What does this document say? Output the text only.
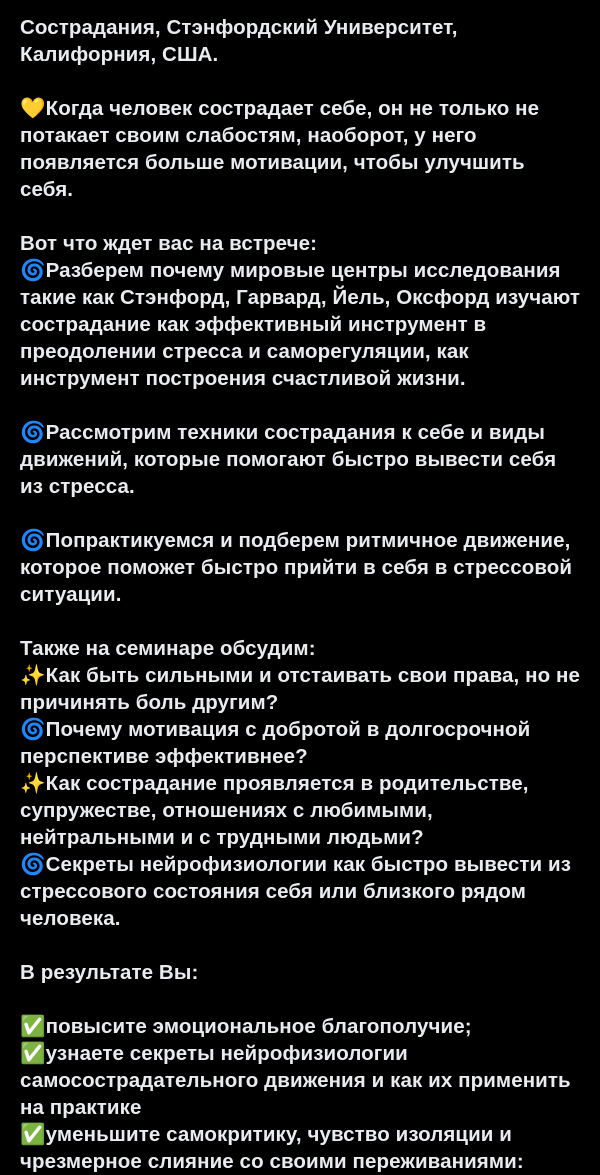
Сострадания, Стэнфордский Университет, Калифорния, США.

💛Когда человек сострадает себе, он не только не потакает своим слабостям, наоборот, у него появляется больше мотивации, чтобы улучшить себя.

Вот что ждет вас на встрече:

🌀Разберем почему мировые центры исследования такие как Стэнфорд, Гарвард, Йель, Оксфорд изучают сострадание как эффективный инструмент в преодолении стресса и саморегуляции, как инструмент построения счастливой жизни.

🌀Рассмотрим техники сострадания к себе и виды движений, которые помогают быстро вывести себя из стресса.

🌀Попрактикуемся и подберем ритмичное движение, которое поможет быстро прийти в себя в стрессовой ситуации.

Также на семинаре обсудим:

✨Как быть сильными и отстаивать свои права, но не причинять боль другим?

🌀Почему мотивация с добротой в долгосрочной перспективе эффективнее?

✨Как сострадание проявляется в родительстве, супружестве, отношениях с любимыми, нейтральными и с трудными людьми?

🌀Секреты нейрофизиологии как быстро вывести из стрессового состояния себя или близкого рядом человека.

В результате Вы:

✅повысите эмоциональное благополучие;

✅узнаете секреты нейрофизиологии самосострадательного движения и как их применить на практике

✅уменьшите самокритику, чувство изоляции и чрезмерное слияние со своими переживаниями:
